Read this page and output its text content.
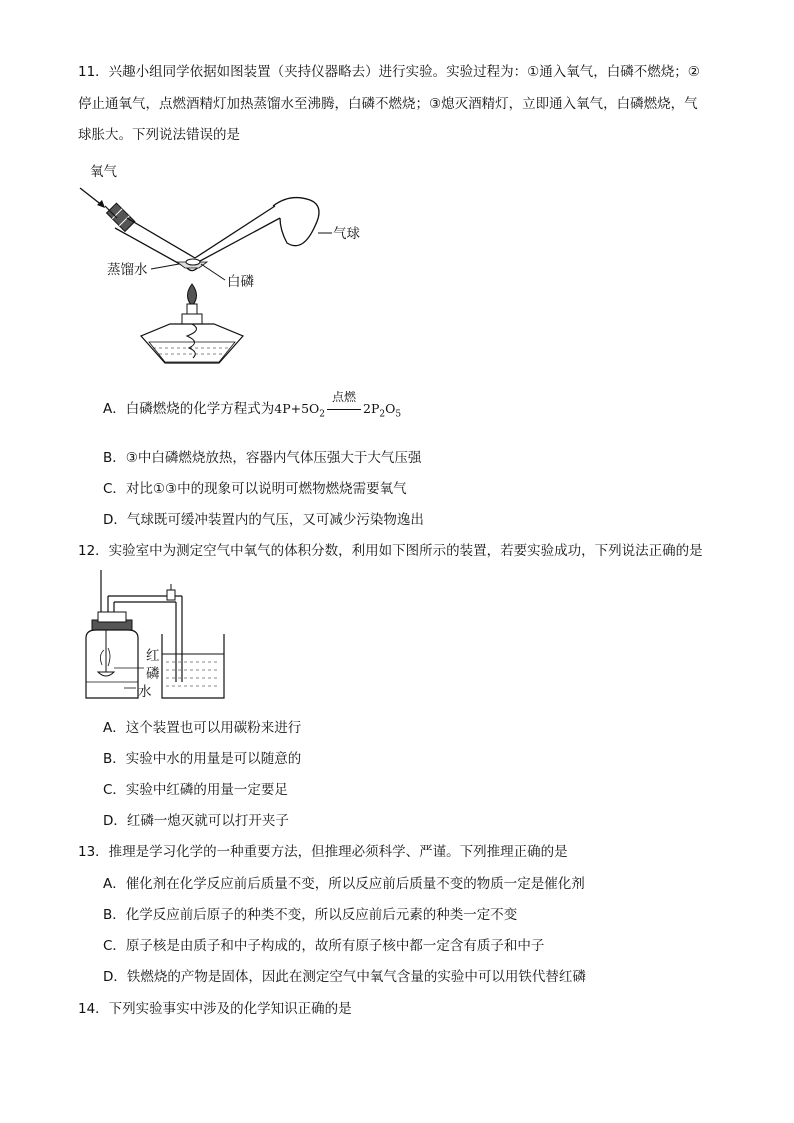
11．兴趣小组同学依据如图装置（夹持仪器略去）进行实验。实验过程为：①通入氧气，白磷不燃烧；②
停止通氧气，点燃酒精灯加热蒸馏水至沸腾，白磷不燃烧；③熄灭酒精灯，立即通入氧气，白磷燃烧，气
球胀大。下列说法错误的是
气球
氧气
蒸馏水
白磷
A．白磷燃烧的化学方程式为$4P+5O_2$
点燃
$2P_2O_5$
B．③中白磷燃烧放热，容器内气体压强大于大气压强
C．对比①③中的现象可以说明可燃物燃烧需要氧气
D．气球既可缓冲装置内的气压，又可减少污染物逸出
12．实验室中为测定空气中氧气的体积分数，利用如下图所示的装置，若要实验成功，下列说法正确的是
红
磷
水
A．这个装置也可以用碳粉来进行
B．实验中水的用量是可以随意的
C．实验中红磷的用量一定要足
D．红磷一熄灭就可以打开夹子
13．推理是学习化学的一种重要方法，但推理必须科学、严谨。下列推理正确的是
A．催化剂在化学反应前后质量不变，所以反应前后质量不变的物质一定是催化剂
B．化学反应前后原子的种类不变，所以反应前后元素的种类一定不变
C．原子核是由质子和中子构成的，故所有原子核中都一定含有质子和中子
D．铁燃烧的产物是固体，因此在测定空气中氧气含量的实验中可以用铁代替红磷
14．下列实验事实中涉及的化学知识正确的是
